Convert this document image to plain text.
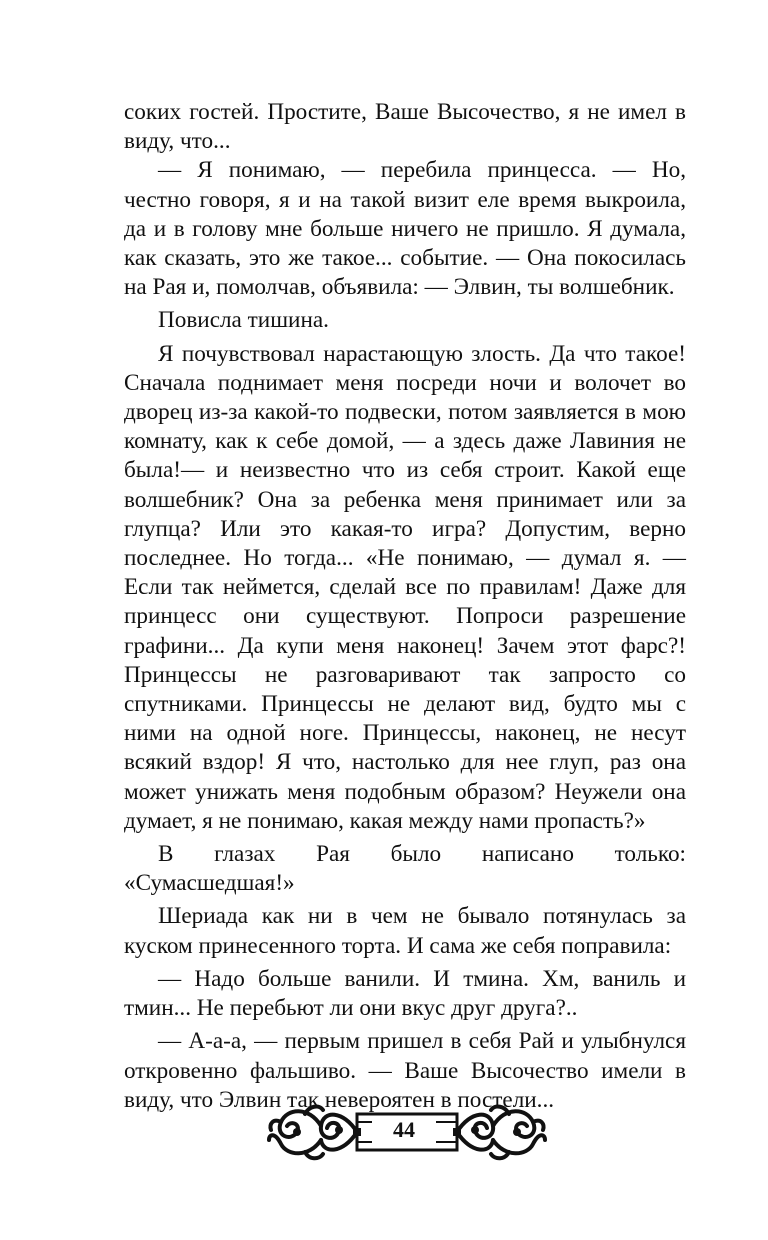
соких гостей. Простите, Ваше Высочество, я не имел в виду, что...

— Я понимаю, — перебила принцесса. — Но, честно говоря, я и на такой визит еле время выкроила, да и в голову мне больше ничего не пришло. Я думала, как сказать, это же такое... событие. — Она покосилась на Рая и, помолчав, объявила: — Элвин, ты волшебник.

Повисла тишина.

Я почувствовал нарастающую злость. Да что такое! Сначала поднимает меня посреди ночи и волочет во дворец из-за какой-то подвески, потом заявляется в мою комнату, как к себе домой, — а здесь даже Лавиния не была!— и неизвестно что из себя строит. Какой еще волшебник? Она за ребенка меня принимает или за глупца? Или это какая-то игра? Допустим, верно последнее. Но тогда... «Не понимаю, — думал я. — Если так неймется, сделай все по правилам! Даже для принцесс они существуют. Попроси разрешение графини... Да купи меня наконец! Зачем этот фарс?! Принцессы не разговаривают так запросто со спутниками. Принцессы не делают вид, будто мы с ними на одной ноге. Принцессы, наконец, не несут всякий вздор! Я что, настолько для нее глуп, раз она может унижать меня подобным образом? Неужели она думает, я не понимаю, какая между нами пропасть?»

В глазах Рая было написано только: «Сумасшедшая!»

Шериада как ни в чем не бывало потянулась за куском принесенного торта. И сама же себя поправила:

— Надо больше ванили. И тмина. Хм, ваниль и тмин... Не перебьют ли они вкус друг друга?..

— А-а-а, — первым пришел в себя Рай и улыбнулся откровенно фальшиво. — Ваше Высочество имели в виду, что Элвин так невероятен в постели...

44
